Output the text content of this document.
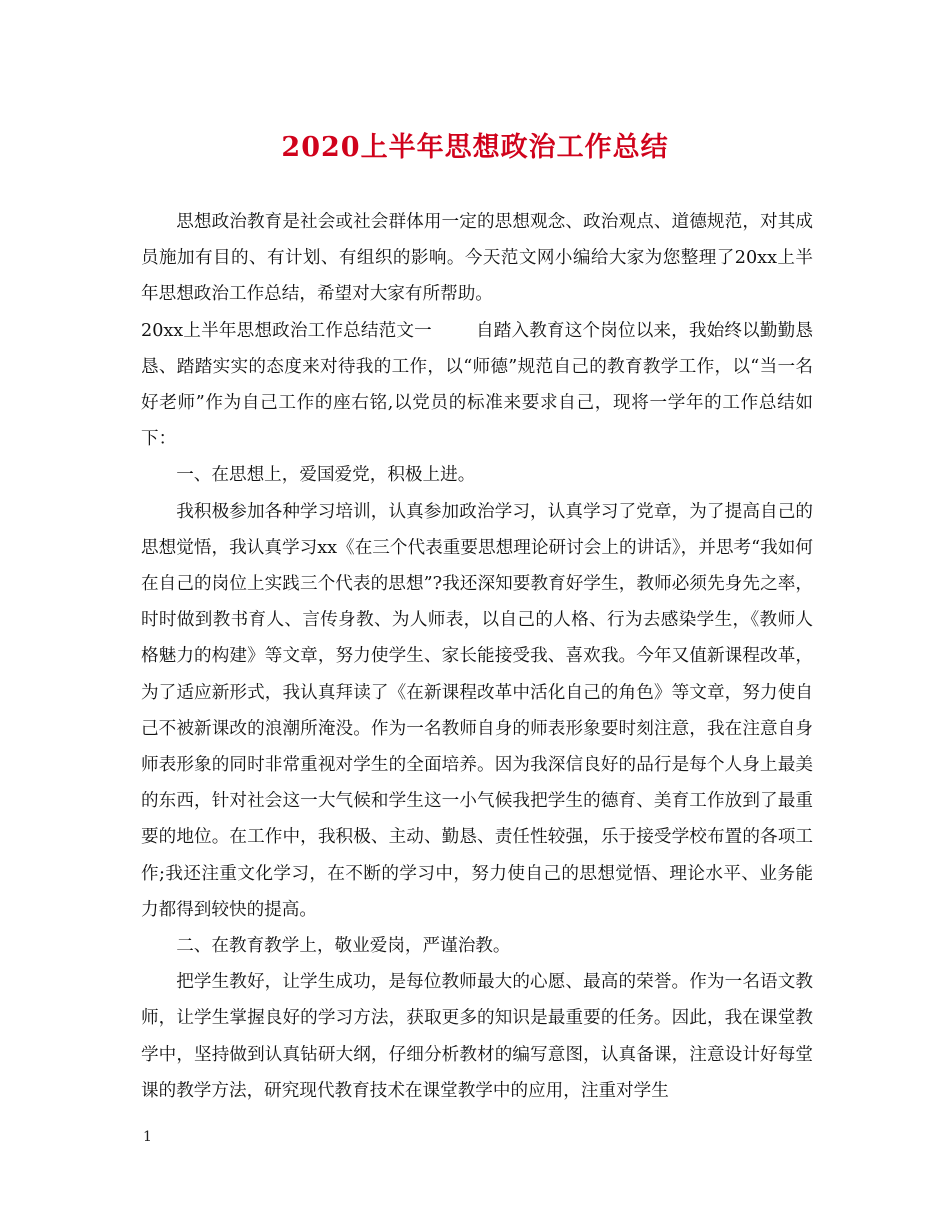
2020上半年思想政治工作总结

思想政治教育是社会或社会群体用一定的思想观念、政治观点、道德规范，对其成员施加有目的、有计划、有组织的影响。今天范文网小编给大家为您整理了20xx上半年思想政治工作总结，希望对大家有所帮助。

20xx上半年思想政治工作总结范文一	自踏入教育这个岗位以来，我始终以勤勤恳恳、踏踏实实的态度来对待我的工作，以“师德”规范自己的教育教学工作，以“当一名好老师”作为自己工作的座右铭,以党员的标准来要求自己，现将一学年的工作总结如下：

一、在思想上，爱国爱党，积极上进。

我积极参加各种学习培训，认真参加政治学习，认真学习了党章，为了提高自己的思想觉悟，我认真学习xx《在三个代表重要思想理论研讨会上的讲话》，并思考“我如何在自己的岗位上实践三个代表的思想”?我还深知要教育好学生，教师必须先身先之率，时时做到教书育人、言传身教、为人师表，以自己的人格、行为去感染学生，《教师人格魅力的构建》等文章，努力使学生、家长能接受我、喜欢我。今年又值新课程改革，为了适应新形式，我认真拜读了《在新课程改革中活化自己的角色》等文章，努力使自己不被新课改的浪潮所淹没。作为一名教师自身的师表形象要时刻注意，我在注意自身师表形象的同时非常重视对学生的全面培养。因为我深信良好的品行是每个人身上最美的东西，针对社会这一大气候和学生这一小气候我把学生的德育、美育工作放到了最重要的地位。在工作中，我积极、主动、勤恳、责任性较强，乐于接受学校布置的各项工作;我还注重文化学习，在不断的学习中，努力使自己的思想觉悟、理论水平、业务能力都得到较快的提高。

二、在教育教学上，敬业爱岗，严谨治教。

把学生教好，让学生成功，是每位教师最大的心愿、最高的荣誉。作为一名语文教师，让学生掌握良好的学习方法，获取更多的知识是最重要的任务。因此，我在课堂教学中，坚持做到认真钻研大纲，仔细分析教材的编写意图，认真备课，注意设计好每堂课的教学方法，研究现代教育技术在课堂教学中的应用，注重对学生

1
